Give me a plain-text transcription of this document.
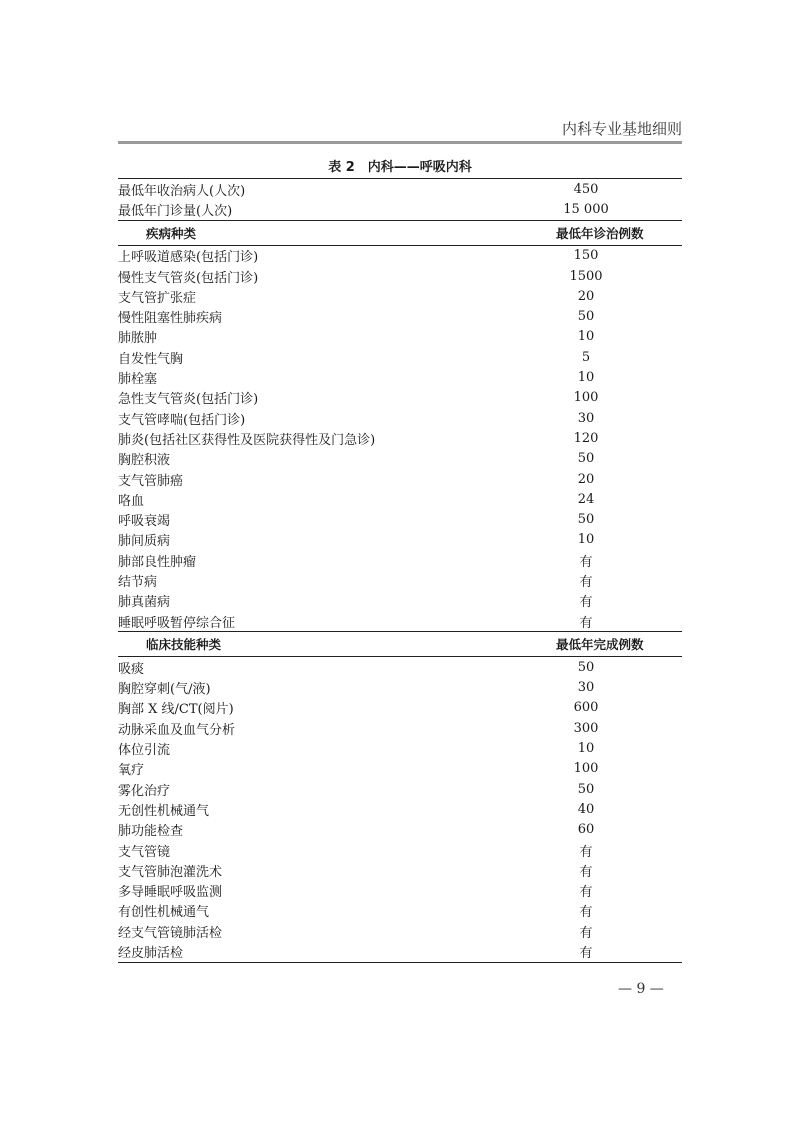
内科专业基地细则
表 2　内科——呼吸内科
最低年收治病人(人次)	450
最低年门诊量(人次)	15 000
疾病种类	最低年诊治例数
上呼吸道感染(包括门诊)	150
慢性支气管炎(包括门诊)	1500
支气管扩张症	20
慢性阻塞性肺疾病	50
肺脓肿	10
自发性气胸	5
肺栓塞	10
急性支气管炎(包括门诊)	100
支气管哮喘(包括门诊)	30
肺炎(包括社区获得性及医院获得性及门急诊)	120
胸腔积液	50
支气管肺癌	20
咯血	24
呼吸衰竭	50
肺间质病	10
肺部良性肿瘤	有
结节病	有
肺真菌病	有
睡眠呼吸暂停综合征	有
临床技能种类	最低年完成例数
吸痰	50
胸腔穿刺(气/液)	30
胸部 X 线/CT(阅片)	600
动脉采血及血气分析	300
体位引流	10
氧疗	100
雾化治疗	50
无创性机械通气	40
肺功能检查	60
支气管镜	有
支气管肺泡灌洗术	有
多导睡眠呼吸监测	有
有创性机械通气	有
经支气管镜肺活检	有
经皮肺活检	有
— 9 —
